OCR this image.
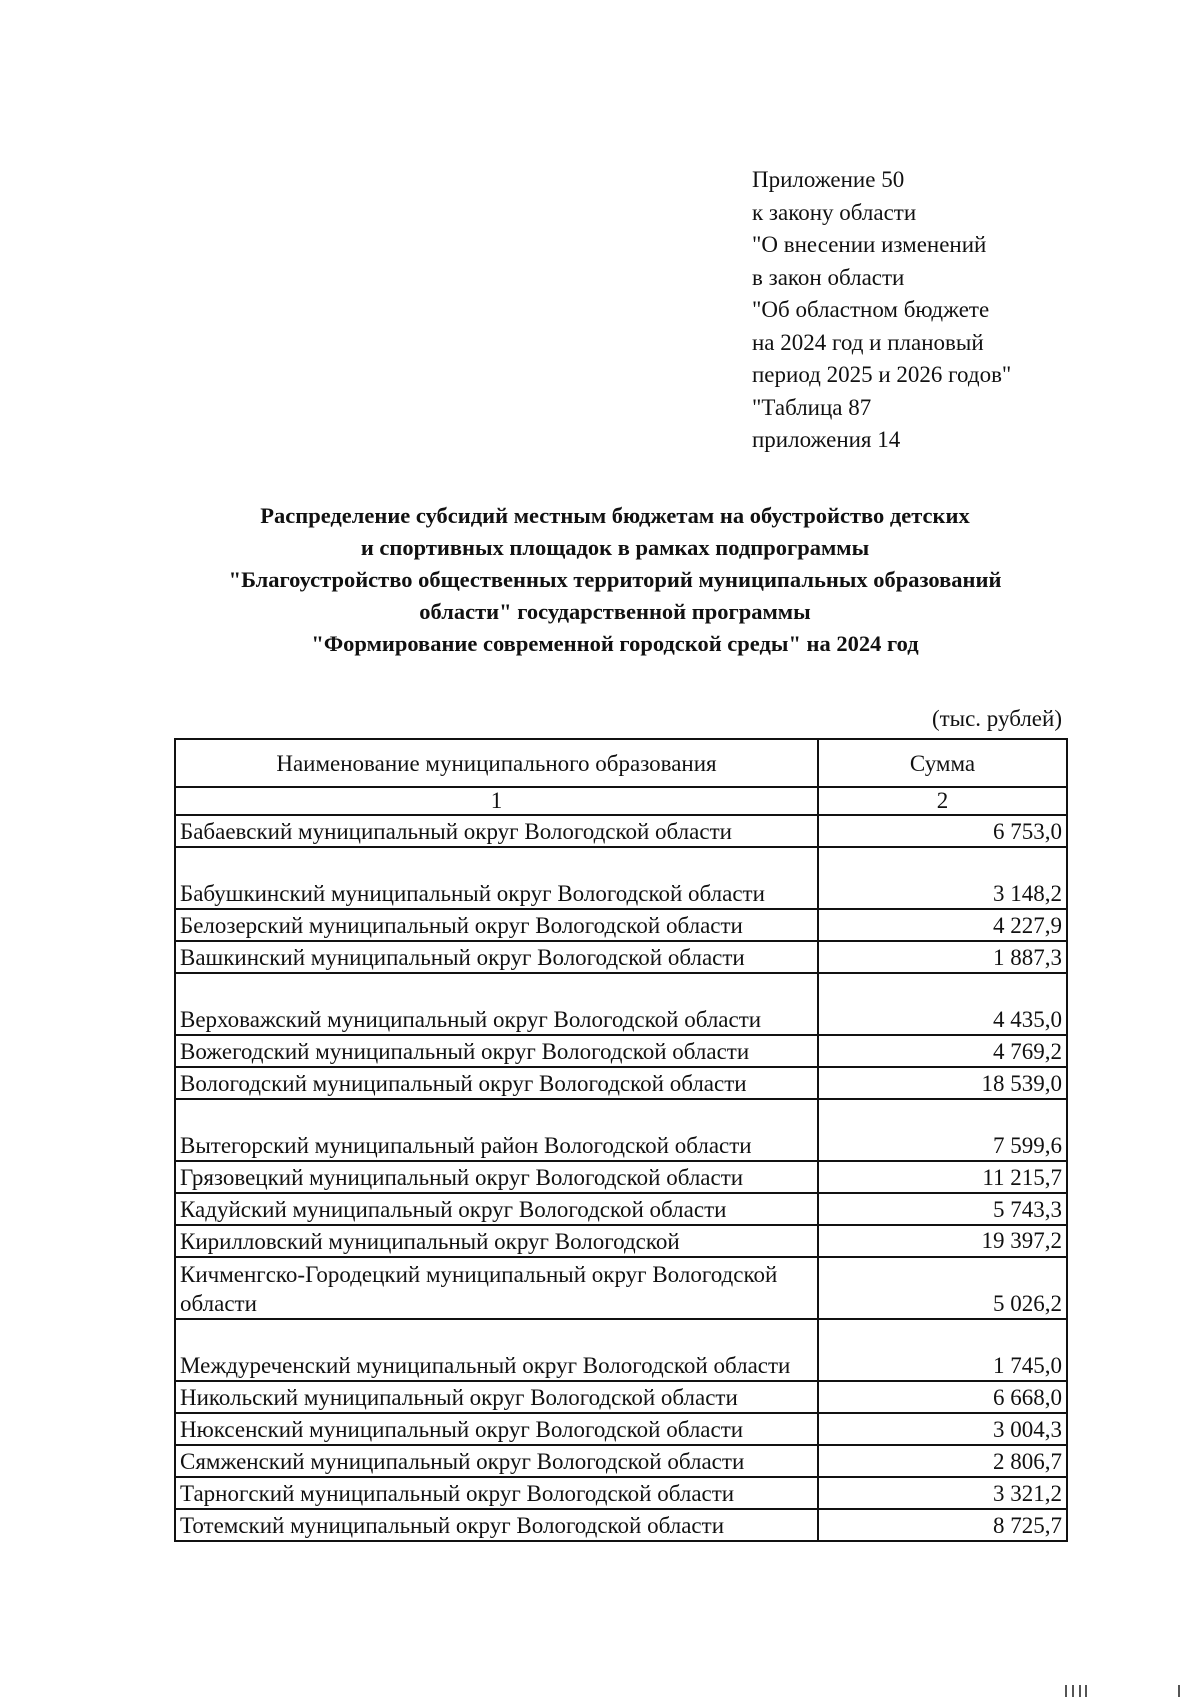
Приложение 50
к закону области
"О внесении изменений
в закон области
"Об областном бюджете
на 2024 год и плановый
период 2025 и 2026 годов"
"Таблица 87
приложения 14
Распределение субсидий местным бюджетам на обустройство детских
и спортивных площадок в рамках подпрограммы
"Благоустройство общественных территорий муниципальных образований
области" государственной программы
"Формирование современной городской среды" на 2024 год
(тыс. рублей)
Наименование муниципального образования	Сумма
1	2
Бабаевский муниципальный округ Вологодской области	6 753,0
Бабушкинский муниципальный округ Вологодской области	3 148,2
Белозерский муниципальный округ Вологодской области	4 227,9
Вашкинский муниципальный округ Вологодской области	1 887,3
Верховажский муниципальный округ Вологодской области	4 435,0
Вожегодский муниципальный округ Вологодской области	4 769,2
Вологодский муниципальный округ Вологодской области	18 539,0
Вытегорский муниципальный район Вологодской области	7 599,6
Грязовецкий муниципальный округ Вологодской области	11 215,7
Кадуйский муниципальный округ Вологодской области	5 743,3
Кирилловский муниципальный округ Вологодской	19 397,2
Кичменгско-Городецкий муниципальный округ Вологодской области	5 026,2
Междуреченский муниципальный округ Вологодской области	1 745,0
Никольский муниципальный округ Вологодской области	6 668,0
Нюксенский муниципальный округ Вологодской области	3 004,3
Сямженский муниципальный округ Вологодской области	2 806,7
Тарногский муниципальный округ Вологодской области	3 321,2
Тотемский муниципальный округ Вологодской области	8 725,7
